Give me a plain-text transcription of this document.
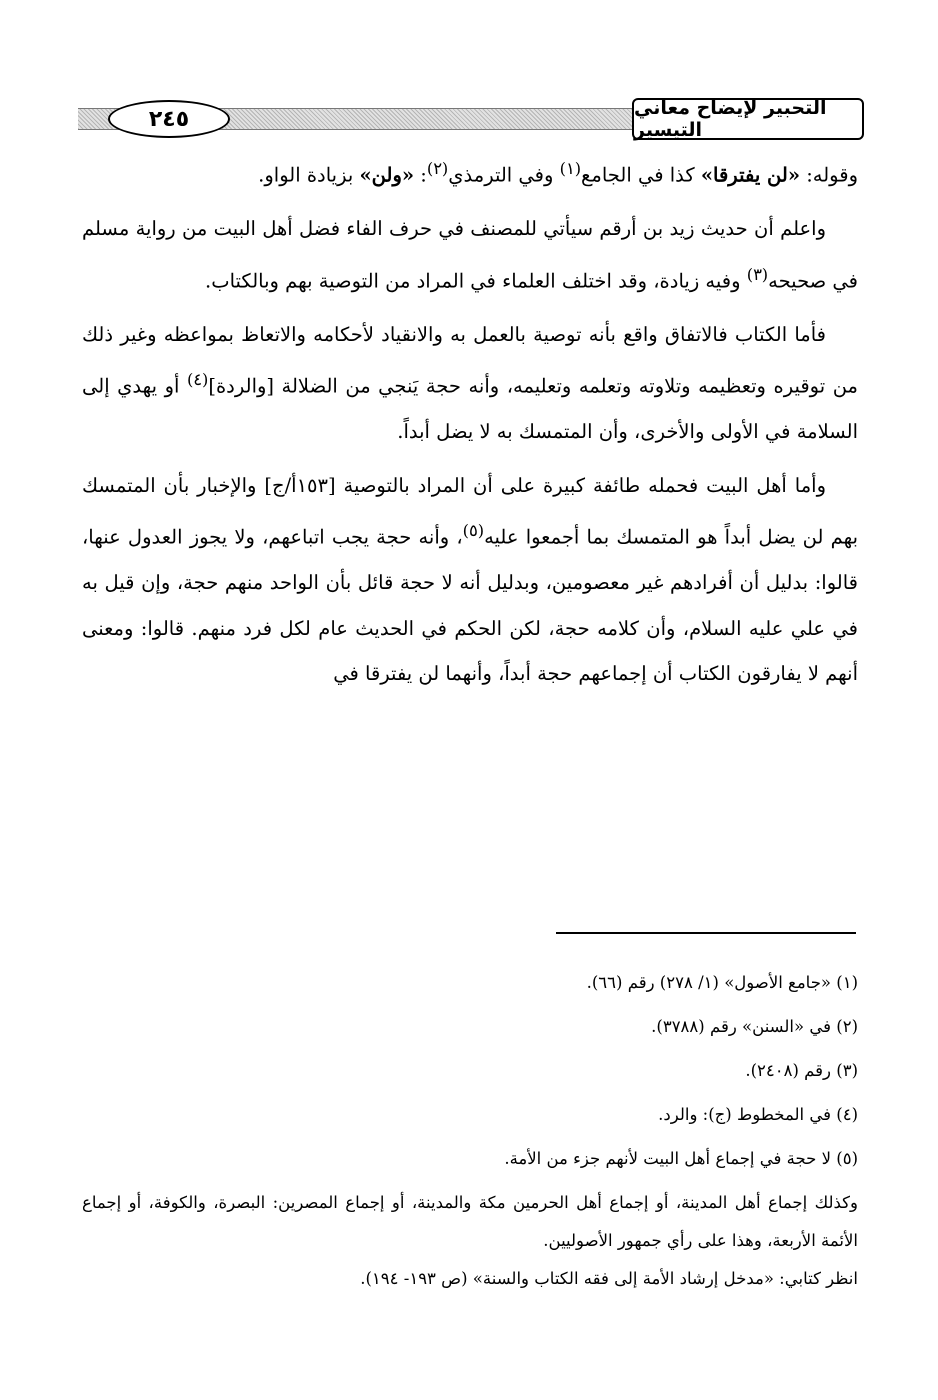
٢٤٥	التحبير لإيضاح معاني التيسير

وقوله: «لن يفترقا» كذا في الجامع$^{(١)}$ وفي الترمذي$^{(٢)}$: «ولن» بزيادة الواو.

واعلم أن حديث زيد بن أرقم سيأتي للمصنف في حرف الفاء فضل أهل البيت من رواية مسلم في صحيحه$^{(٣)}$ وفيه زيادة، وقد اختلف العلماء في المراد من التوصية بهم وبالكتاب.

فأما الكتاب فالاتفاق واقع بأنه توصية بالعمل به والانقياد لأحكامه والاتعاظ بمواعظه وغير ذلك من توقيره وتعظيمه وتلاوته وتعلمه وتعليمه، وأنه حجة يَنجي من الضلالة [والردة]$^{(٤)}$ أو يهدي إلى السلامة في الأولى والأخرى، وأن المتمسك به لا يضل أبداً.

وأما أهل البيت فحمله طائفة كبيرة على أن المراد بالتوصية [١٥٣أ/ج] والإخبار بأن المتمسك بهم لن يضل أبداً هو المتمسك بما أجمعوا عليه$^{(٥)}$، وأنه حجة يجب اتباعهم، ولا يجوز العدول عنها، قالوا: بدليل أن أفرادهم غير معصومين، وبدليل أنه لا حجة قائل بأن الواحد منهم حجة، وإن قيل به في علي عليه السلام، وأن كلامه حجة، لكن الحكم في الحديث عام لكل فرد منهم. قالوا: ومعنى أنهم لا يفارقون الكتاب أن إجماعهم حجة أبداً، وأنهما لن يفترقا في

(١) «جامع الأصول» (١/ ٢٧٨) رقم (٦٦).

(٢) في «السنن» رقم (٣٧٨٨).

(٣) رقم (٢٤٠٨).

(٤) في المخطوط (ج): والرد.

(٥) لا حجة في إجماع أهل البيت لأنهم جزء من الأمة.

وكذلك إجماع أهل المدينة، أو إجماع أهل الحرمين مكة والمدينة، أو إجماع المصرين: البصرة، والكوفة، أو إجماع الأئمة الأربعة، وهذا على رأي جمهور الأصوليين.

انظر كتابي: «مدخل إرشاد الأمة إلى فقه الكتاب والسنة» (ص ١٩٣- ١٩٤).
